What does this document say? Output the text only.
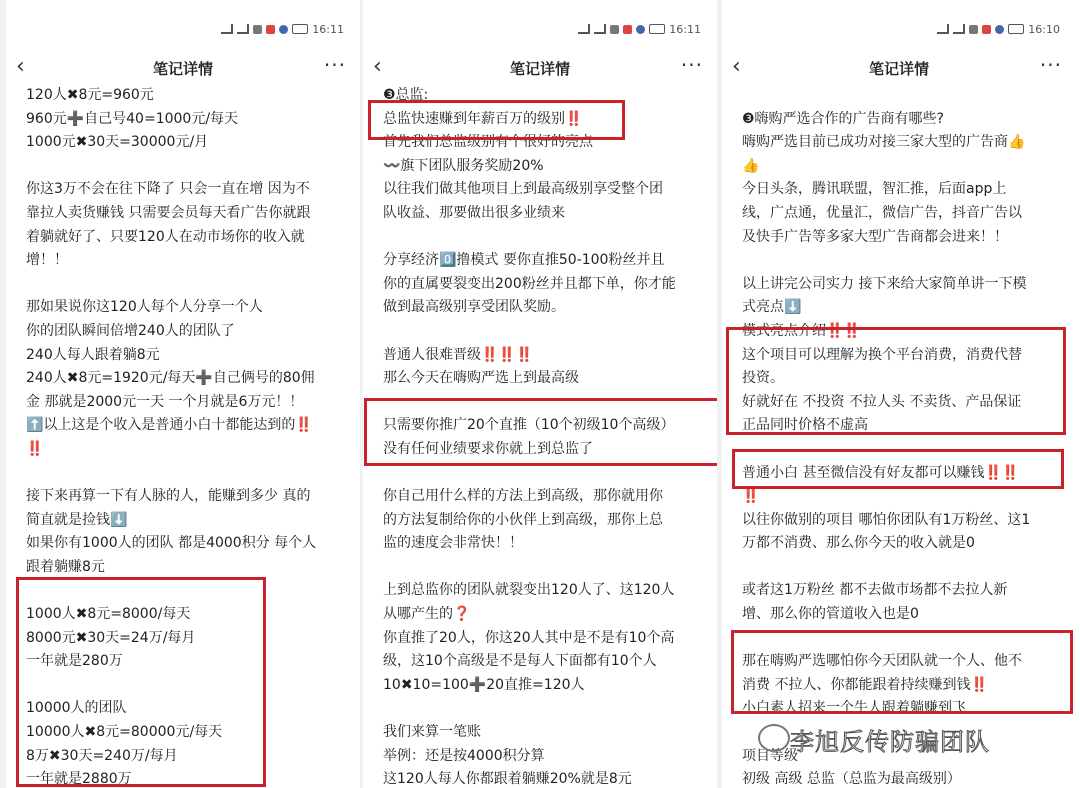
16:11
‹	笔记详情	···
120人✖8元=960元
960元➕自己号40=1000元/每天
1000元✖30天=30000元/月
你这3万不会在往下降了 只会一直在增 因为不
靠拉人卖货赚钱 只需要会员每天看广告你就跟
着躺就好了、只要120人在动市场你的收入就
增！！
那如果说你这120人每个人分享一个人
你的团队瞬间倍增240人的团队了
240人每人跟着躺8元
240人✖8元=1920元/每天➕自己俩号的80佣
金 那就是2000元一天 一个月就是6万元！！
⬆️以上这是个收入是普通小白十都能达到的‼️
‼️
接下来再算一下有人脉的人，能赚到多少 真的
简直就是捡钱⬇️
如果你有1000人的团队 都是4000积分 每个人
跟着躺赚8元
1000人✖8元=8000/每天
8000元✖30天=24万/每月
一年就是280万
10000人的团队
10000人✖8元=80000元/每天
8万✖30天=240万/每月
一年就是2880万
16:11
‹	笔记详情	···
❸总监:
总监快速赚到年薪百万的级别‼️
首先我们总监级别有个很好的亮点
〰️旗下团队服务奖励20%
以往我们做其他项目上到最高级别享受整个团
队收益、那要做出很多业绩来
分享经济0️⃣撸模式 要你直推50-100粉丝并且
你的直属要裂变出200粉丝并且都下单，你才能
做到最高级别享受团队奖励。
普通人很难晋级‼️‼️‼️
那么今天在嗨购严选上到最高级
只需要你推广20个直推（10个初级10个高级）
没有任何业绩要求你就上到总监了
你自己用什么样的方法上到高级，那你就用你
的方法复制给你的小伙伴上到高级，那你上总
监的速度会非常快！！
上到总监你的团队就裂变出120人了、这120人
从哪产生的❓
你直推了20人，你这20人其中是不是有10个高
级，这10个高级是不是每人下面都有10个人
10✖10=100➕20直推=120人
我们来算一笔账
举例：还是按4000积分算
这120人每人你都跟着躺赚20%就是8元
16:10
‹	笔记详情	···
❸嗨购严选合作的广告商有哪些?
嗨购严选目前已成功对接三家大型的广告商👍
👍
今日头条，腾讯联盟，智汇推，后面app上
线，广点通，优量汇，微信广告，抖音广告以
及快手广告等多家大型广告商都会进来！！
以上讲完公司实力 接下来给大家简单讲一下模
式亮点⬇️
模式亮点介绍‼️‼️
这个项目可以理解为换个平台消费，消费代替
投资。
好就好在 不投资 不拉人头 不卖货、产品保证
正品同时价格不虚高
普通小白 甚至微信没有好友都可以赚钱‼️‼️
‼️
以往你做别的项目 哪怕你团队有1万粉丝、这1
万都不消费、那么你今天的收入就是0
或者这1万粉丝 都不去做市场都不去拉人新
增、那么你的管道收入也是0
那在嗨购严选哪怕你今天团队就一个人、他不
消费 不拉人、你都能跟着持续赚到钱‼️
小白素人招来一个牛人跟着躺赚到飞
项目等级
初级 高级 总监（总监为最高级别）
李旭反传防骗团队
